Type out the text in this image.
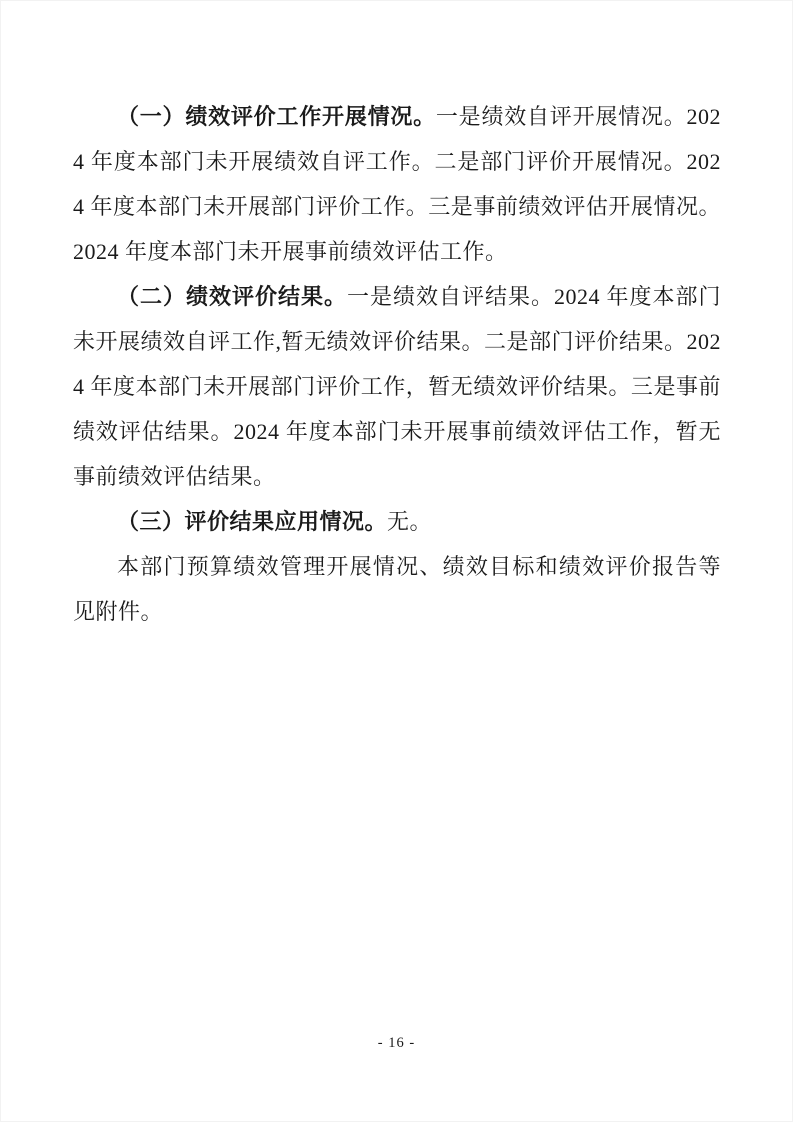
（一）绩效评价工作开展情况。一是绩效自评开展情况。2024 年度本部门未开展绩效自评工作。二是部门评价开展情况。2024 年度本部门未开展部门评价工作。三是事前绩效评估开展情况。2024 年度本部门未开展事前绩效评估工作。

（二）绩效评价结果。一是绩效自评结果。2024 年度本部门未开展绩效自评工作,暂无绩效评价结果。二是部门评价结果。2024 年度本部门未开展部门评价工作，暂无绩效评价结果。三是事前绩效评估结果。2024 年度本部门未开展事前绩效评估工作，暂无事前绩效评估结果。

（三）评价结果应用情况。无。

本部门预算绩效管理开展情况、绩效目标和绩效评价报告等见附件。

- 16 -
